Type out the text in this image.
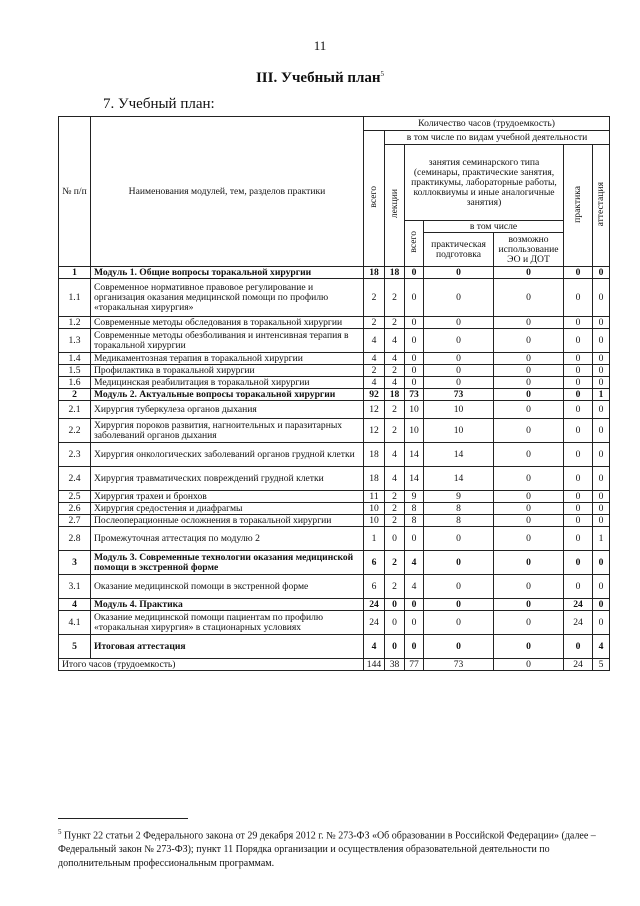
11
III. Учебный план$^5$
7. Учебный план:
№ п/п	Наименования модулей, тем, разделов практики	Количество часов (трудоемкость)						
		всего	в том числе по видам учебной деятельности					
			лекции	занятия семинарского типа (семинары, практические занятия, практикумы, лабораторные работы, коллоквиумы и иные аналогичные занятия)			практика	аттестация
				всего	в том числе			
					практическая подготовка	возможно использование ЭО и ДОТ		
1	Модуль 1. Общие вопросы торакальной хирургии	18	18	0	0	0	0	0
1.1	Современное нормативное правовое регулирование и организация оказания медицинской помощи по профилю «торакальная хирургия»	2	2	0	0	0	0	0
1.2	Современные методы обследования в торакальной хирургии	2	2	0	0	0	0	0
1.3	Современные методы обезболивания и интенсивная терапия в торакальной хирургии	4	4	0	0	0	0	0
1.4	Медикаментозная терапия в торакальной хирургии	4	4	0	0	0	0	0
1.5	Профилактика в торакальной хирургии	2	2	0	0	0	0	0
1.6	Медицинская реабилитация в торакальной хирургии	4	4	0	0	0	0	0
2	Модуль 2. Актуальные вопросы торакальной хирургии	92	18	73	73	0	0	1
2.1	Хирургия туберкулеза органов дыхания	12	2	10	10	0	0	0
2.2	Хирургия пороков развития, нагноительных и паразитарных заболеваний органов дыхания	12	2	10	10	0	0	0
2.3	Хирургия онкологических заболеваний органов грудной клетки	18	4	14	14	0	0	0
2.4	Хирургия травматических повреждений грудной клетки	18	4	14	14	0	0	0
2.5	Хирургия трахеи и бронхов	11	2	9	9	0	0	0
2.6	Хирургия средостения и диафрагмы	10	2	8	8	0	0	0
2.7	Послеоперационные осложнения в торакальной хирургии	10	2	8	8	0	0	0
2.8	Промежуточная аттестация по модулю 2	1	0	0	0	0	0	1
3	Модуль 3. Современные технологии оказания медицинской помощи в экстренной форме	6	2	4	0	0	0	0
3.1	Оказание медицинской помощи в экстренной форме	6	2	4	0	0	0	0
4	Модуль 4. Практика	24	0	0	0	0	24	0
4.1	Оказание медицинской помощи пациентам по профилю «торакальная хирургия» в стационарных условиях	24	0	0	0	0	24	0
5	Итоговая аттестация	4	0	0	0	0	0	4
Итого часов (трудоемкость)		144	38	77	73	0	24	5
$^5$ Пункт 22 статьи 2 Федерального закона от 29 декабря 2012 г. № 273-ФЗ «Об образовании в Российской Федерации» (далее – Федеральный закон № 273-ФЗ); пункт 11 Порядка организации и осуществления образовательной деятельности по дополнительным профессиональным программам.
